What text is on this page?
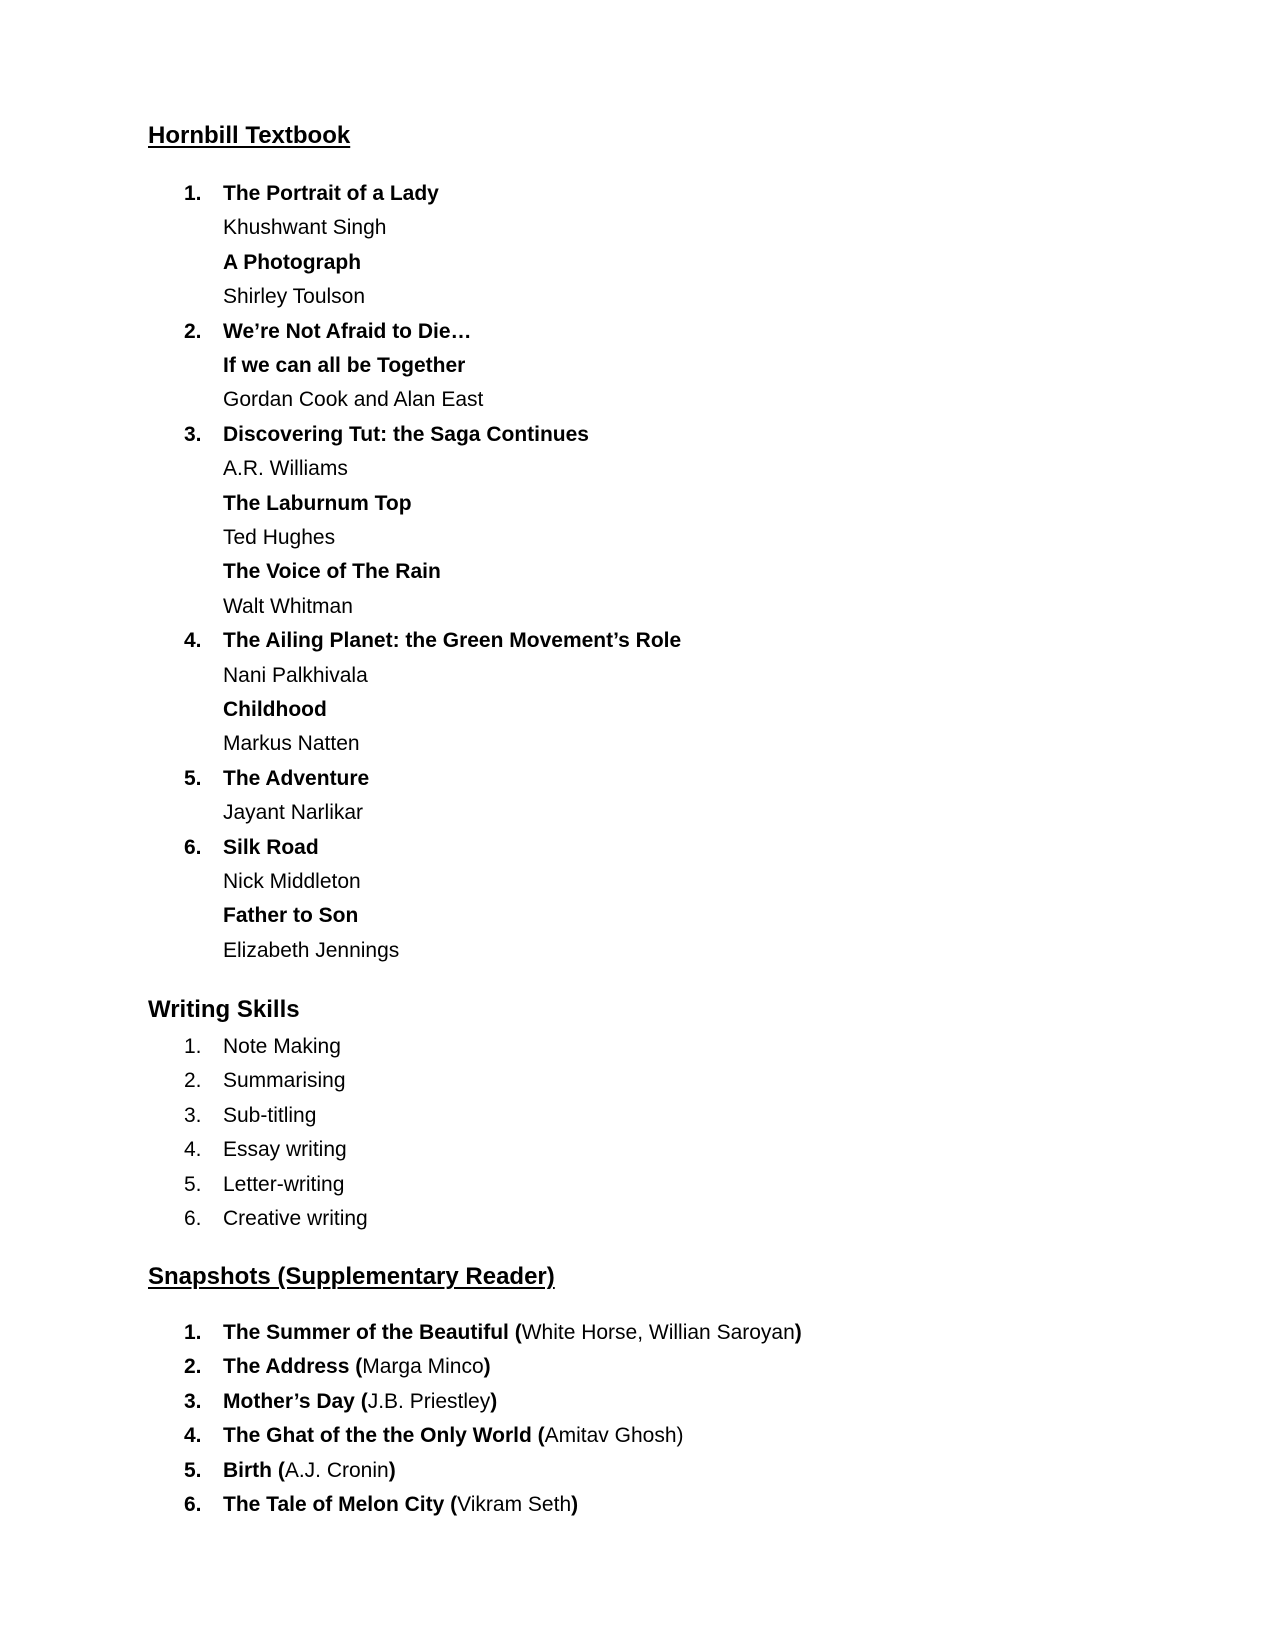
Hornbill Textbook
1.	The Portrait of a Lady
Khushwant Singh
A Photograph
Shirley Toulson
2.	We’re Not Afraid to Die…
If we can all be Together
Gordan Cook and Alan East
3.	Discovering Tut: the Saga Continues
A.R. Williams
The Laburnum Top
Ted Hughes
The Voice of The Rain
Walt Whitman
4.	The Ailing Planet: the Green Movement’s Role
Nani Palkhivala
Childhood
Markus Natten
5.	The Adventure
Jayant Narlikar
6.	Silk Road
Nick Middleton
Father to Son
Elizabeth Jennings
Writing Skills
1.	Note Making
2.	Summarising
3.	Sub-titling
4.	Essay writing
5.	Letter-writing
6.	Creative writing
Snapshots (Supplementary Reader)
1.	The Summer of the Beautiful (White Horse, Willian Saroyan)
2.	The Address (Marga Minco)
3.	Mother’s Day (J.B. Priestley)
4.	The Ghat of the the Only World (Amitav Ghosh)
5.	Birth (A.J. Cronin)
6.	The Tale of Melon City (Vikram Seth)
